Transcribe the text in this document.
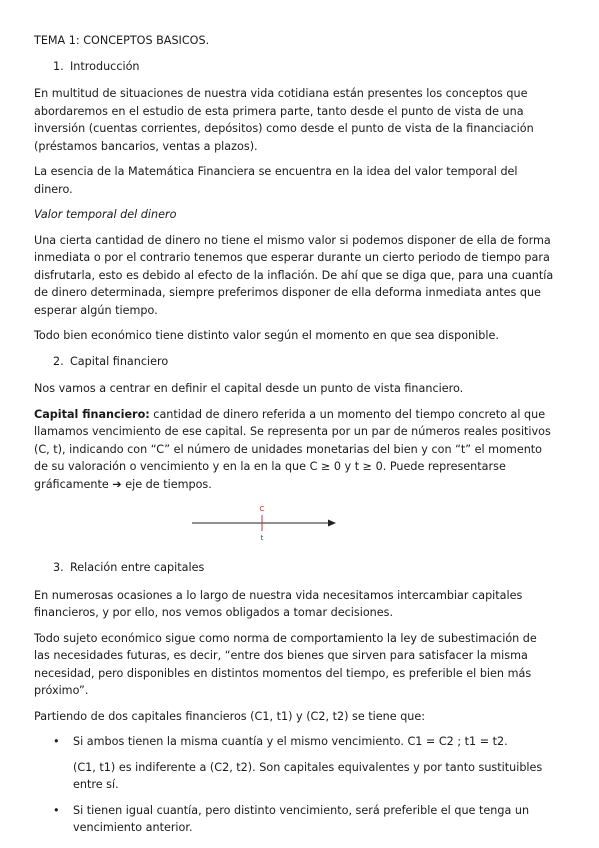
TEMA 1: CONCEPTOS BASICOS.

1. Introducción

En multitud de situaciones de nuestra vida cotidiana están presentes los conceptos que abordaremos en el estudio de esta primera parte, tanto desde el punto de vista de una inversión (cuentas corrientes, depósitos) como desde el punto de vista de la financiación (préstamos bancarios, ventas a plazos).

La esencia de la Matemática Financiera se encuentra en la idea del valor temporal del dinero.

Valor temporal del dinero

Una cierta cantidad de dinero no tiene el mismo valor si podemos disponer de ella de forma inmediata o por el contrario tenemos que esperar durante un cierto periodo de tiempo para disfrutarla, esto es debido al efecto de la inflación. De ahí que se diga que, para una cuantía de dinero determinada, siempre preferimos disponer de ella deforma inmediata antes que esperar algún tiempo.

Todo bien económico tiene distinto valor según el momento en que sea disponible.

2. Capital financiero

Nos vamos a centrar en definir el capital desde un punto de vista financiero.

Capital financiero: cantidad de dinero referida a un momento del tiempo concreto al que llamamos vencimiento de ese capital. Se representa por un par de números reales positivos (C, t), indicando con “C” el número de unidades monetarias del bien y con “t” el momento de su valoración o vencimiento y en la en la que C ≥ 0 y t ≥ 0. Puede representarse gráficamente ➔ eje de tiempos.

C
t

3. Relación entre capitales

En numerosas ocasiones a lo largo de nuestra vida necesitamos intercambiar capitales financieros, y por ello, nos vemos obligados a tomar decisiones.

Todo sujeto económico sigue como norma de comportamiento la ley de subestimación de las necesidades futuras, es decir, “entre dos bienes que sirven para satisfacer la misma necesidad, pero disponibles en distintos momentos del tiempo, es preferible el bien más próximo”.

Partiendo de dos capitales financieros (C1, t1) y (C2, t2) se tiene que:

• Si ambos tienen la misma cuantía y el mismo vencimiento. C1 = C2 ; t1 = t2.

(C1, t1) es indiferente a (C2, t2). Son capitales equivalentes y por tanto sustituibles entre sí.

• Si tienen igual cuantía, pero distinto vencimiento, será preferible el que tenga un vencimiento anterior.
